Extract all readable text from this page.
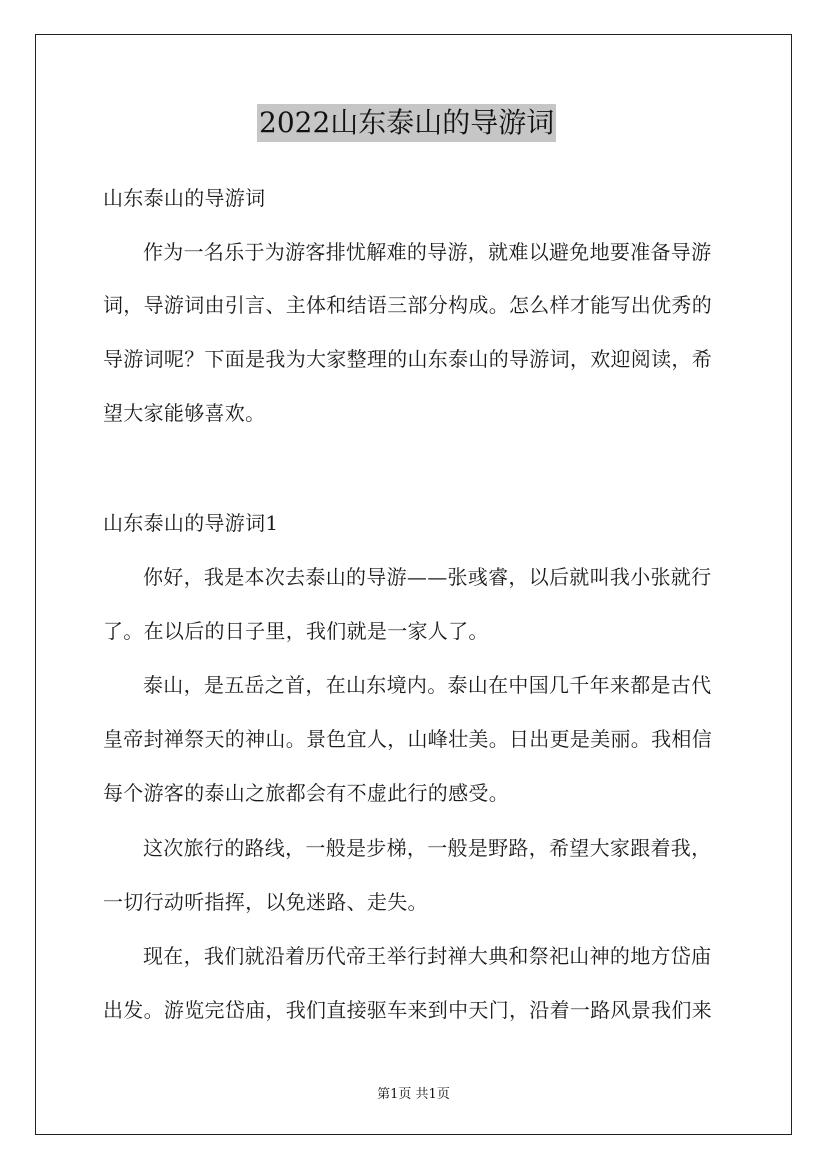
2022山东泰山的导游词
山东泰山的导游词
作为一名乐于为游客排忧解难的导游，就难以避免地要准备导游
词，导游词由引言、主体和结语三部分构成。怎么样才能写出优秀的
导游词呢？下面是我为大家整理的山东泰山的导游词，欢迎阅读，希
望大家能够喜欢。
山东泰山的导游词1
你好，我是本次去泰山的导游——张彧睿，以后就叫我小张就行
了。在以后的日子里，我们就是一家人了。
泰山，是五岳之首，在山东境内。泰山在中国几千年来都是古代
皇帝封禅祭天的神山。景色宜人，山峰壮美。日出更是美丽。我相信
每个游客的泰山之旅都会有不虚此行的感受。
这次旅行的路线，一般是步梯，一般是野路，希望大家跟着我，
一切行动听指挥，以免迷路、走失。
现在，我们就沿着历代帝王举行封禅大典和祭祀山神的地方岱庙
出发。游览完岱庙，我们直接驱车来到中天门，沿着一路风景我们来
第1页 共1页
